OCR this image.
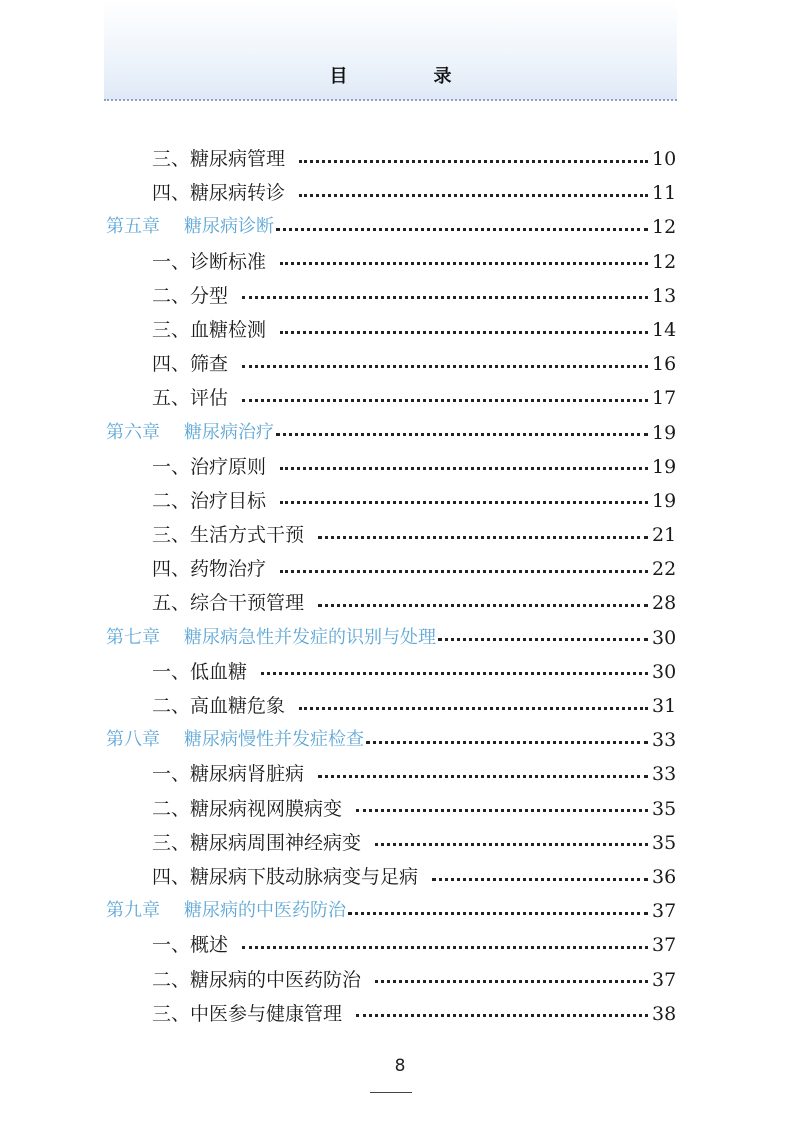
目　录
三、糖尿病管理	10
四、糖尿病转诊	11
第五章 糖尿病诊断	12
一、诊断标准	12
二、分型	13
三、血糖检测	14
四、筛查	16
五、评估	17
第六章 糖尿病治疗	19
一、治疗原则	19
二、治疗目标	19
三、生活方式干预	21
四、药物治疗	22
五、综合干预管理	28
第七章 糖尿病急性并发症的识别与处理	30
一、低血糖	30
二、高血糖危象	31
第八章 糖尿病慢性并发症检查	33
一、糖尿病肾脏病	33
二、糖尿病视网膜病变	35
三、糖尿病周围神经病变	35
四、糖尿病下肢动脉病变与足病	36
第九章 糖尿病的中医药防治	37
一、概述	37
二、糖尿病的中医药防治	37
三、中医参与健康管理	38
8
